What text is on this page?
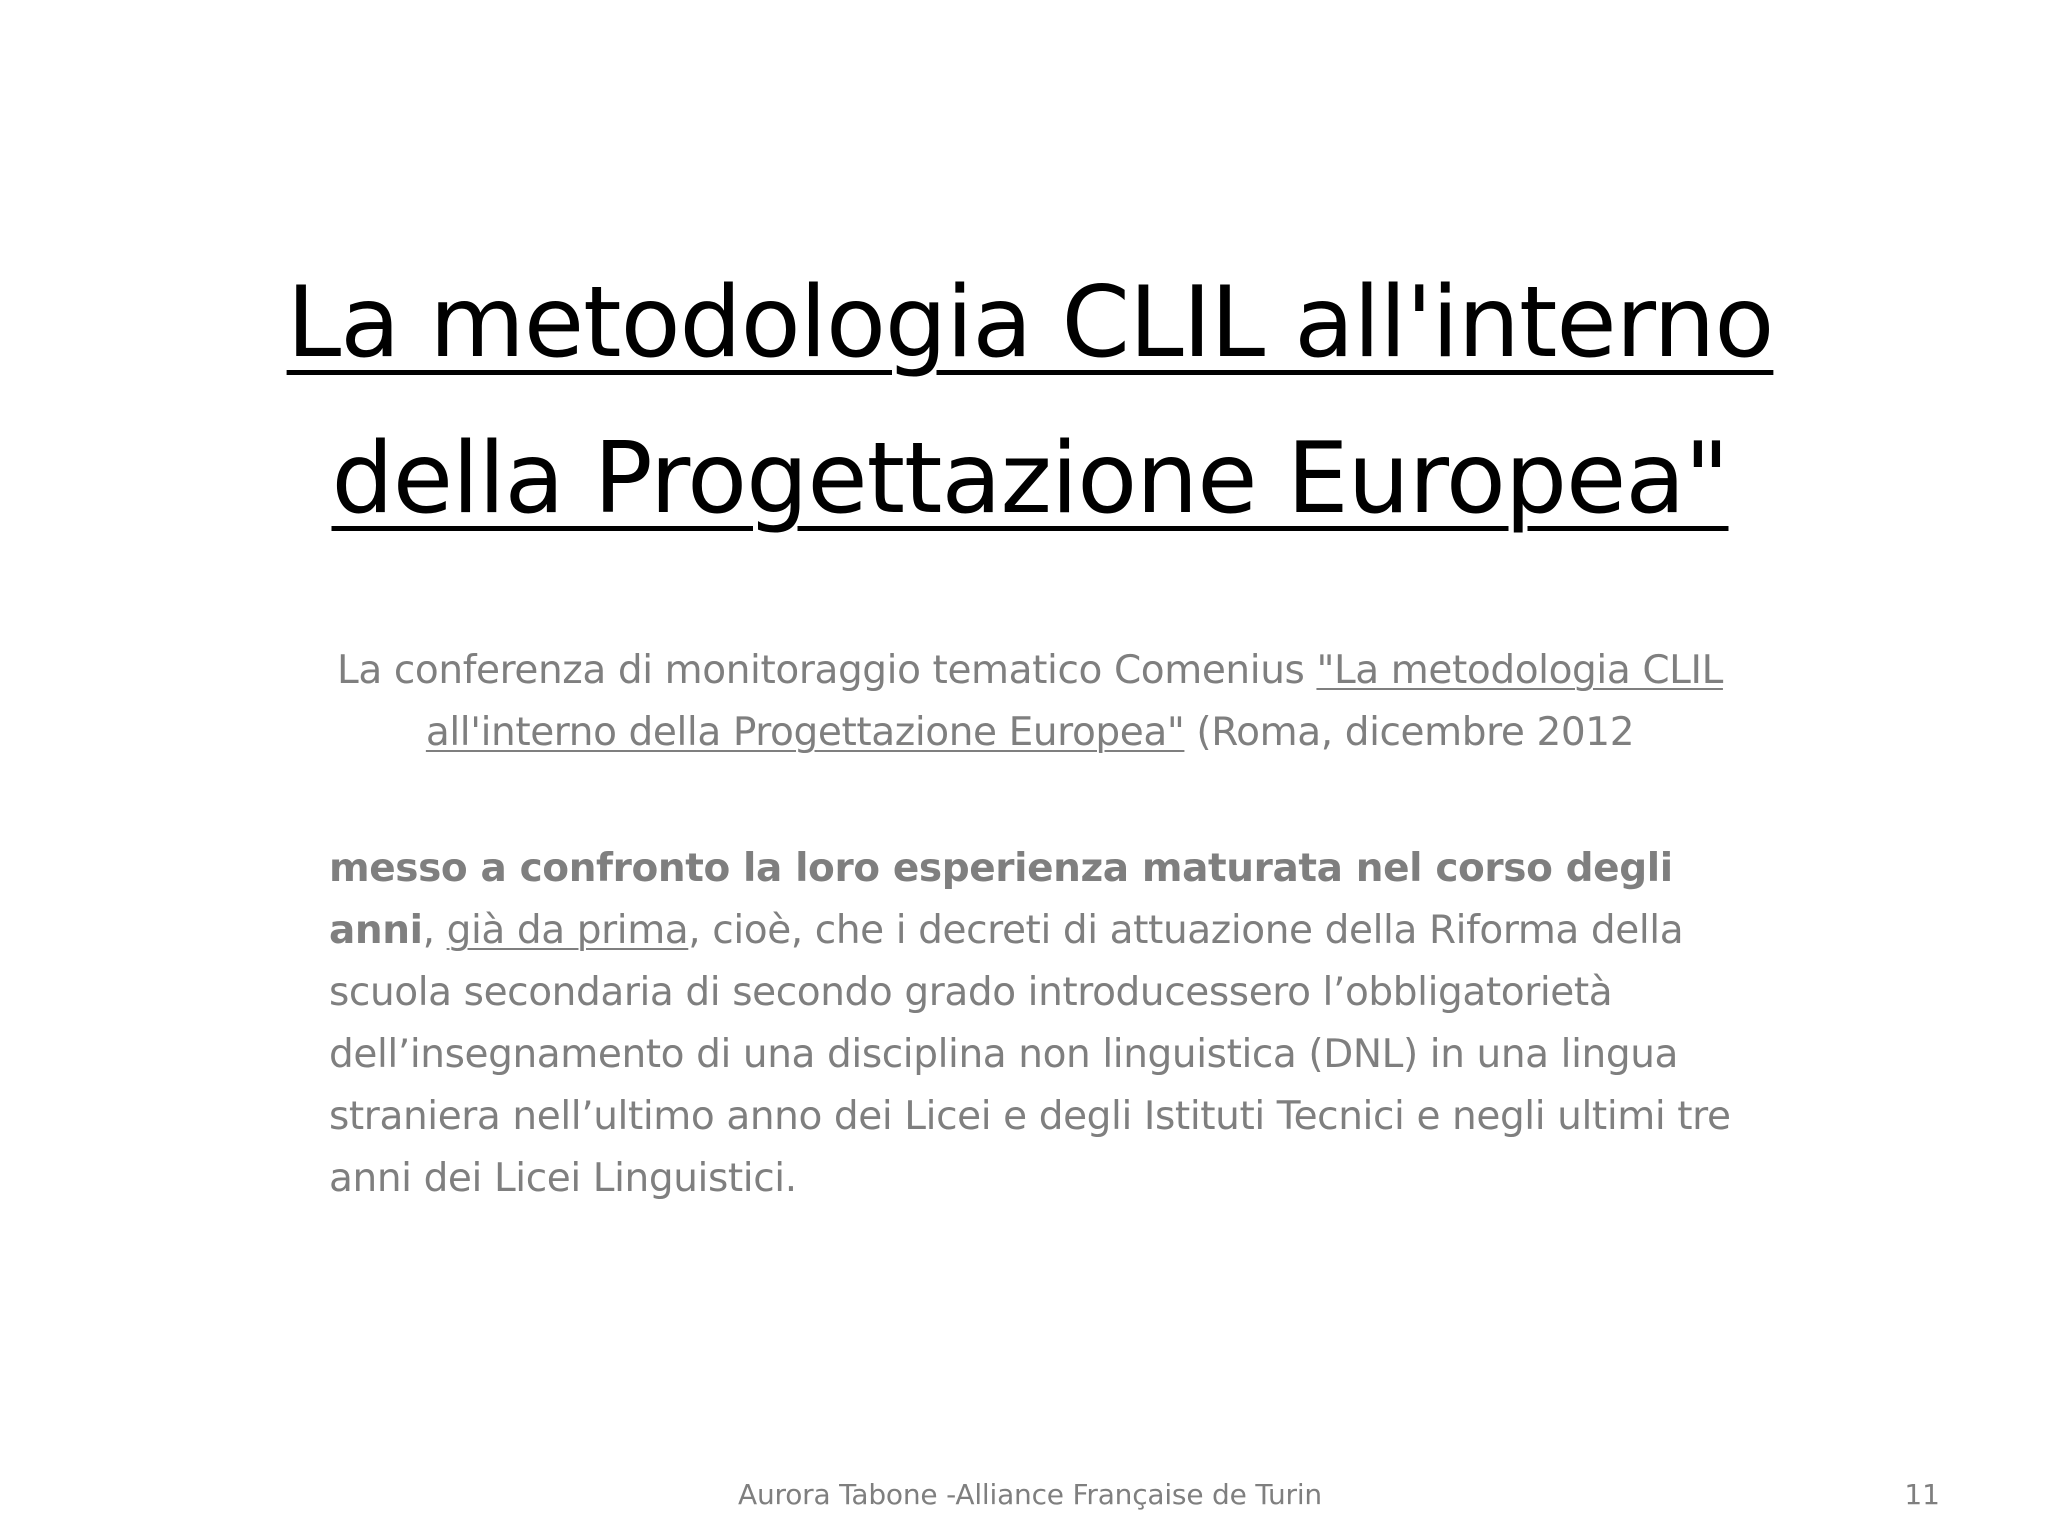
La metodologia CLIL all'interno
della Progettazione Europea"

La conferenza di monitoraggio tematico Comenius "La metodologia CLIL all'interno della Progettazione Europea" (Roma, dicembre 2012

messo a confronto la loro esperienza maturata nel corso degli anni, già da prima, cioè, che i decreti di attuazione della Riforma della scuola secondaria di secondo grado introducessero l’obbligatorietà dell’insegnamento di una disciplina non linguistica (DNL) in una lingua straniera nell’ultimo anno dei Licei e degli Istituti Tecnici e negli ultimi tre anni dei Licei Linguistici.

Aurora Tabone -Alliance Française de Turin	11
